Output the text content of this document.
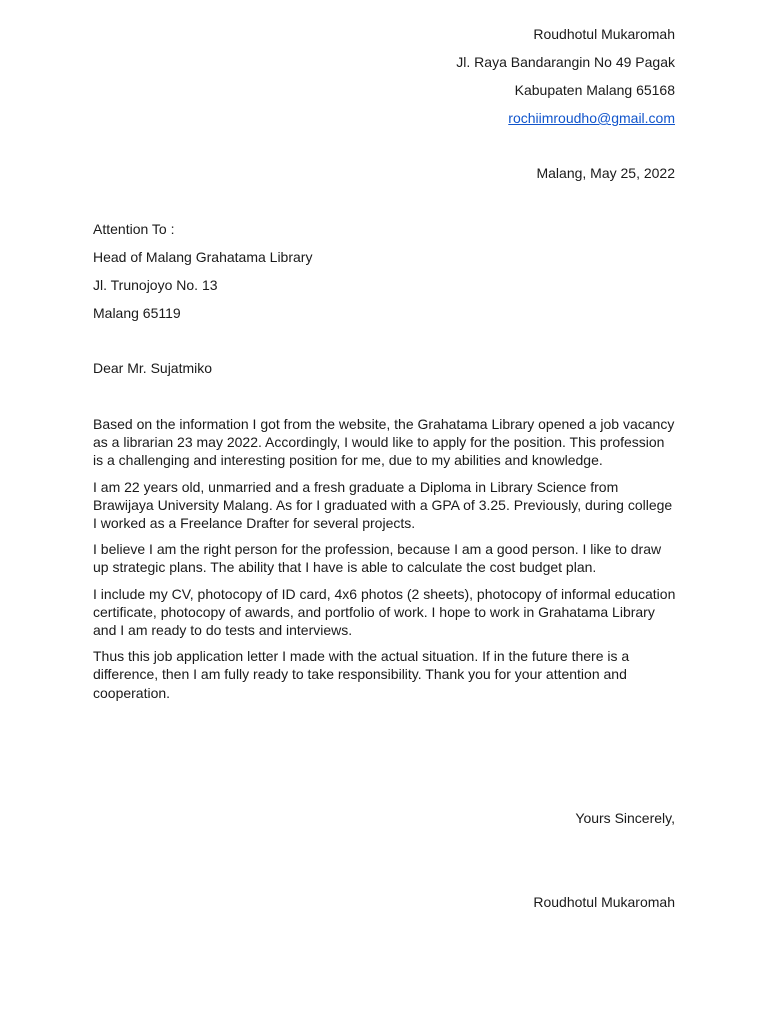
Roudhotul Mukaromah
Jl. Raya Bandarangin No 49 Pagak
Kabupaten Malang 65168
rochiimroudho@gmail.com
Malang, May 25, 2022
Attention To :
Head of Malang Grahatama Library
Jl. Trunojoyo No. 13
Malang 65119
Dear Mr. Sujatmiko

Based on the information I got from the website, the Grahatama Library opened a job vacancy as a librarian 23 may 2022. Accordingly, I would like to apply for the position. This profession is a challenging and interesting position for me, due to my abilities and knowledge.

I am 22 years old, unmarried and a fresh graduate a Diploma in Library Science from Brawijaya University Malang. As for I graduated with a GPA of 3.25. Previously, during college I worked as a Freelance Drafter for several projects.

I believe I am the right person for the profession, because I am a good person. I like to draw up strategic plans. The ability that I have is able to calculate the cost budget plan.

I include my CV, photocopy of ID card, 4x6 photos (2 sheets), photocopy of informal education certificate, photocopy of awards, and portfolio of work. I hope to work in Grahatama Library and I am ready to do tests and interviews.

Thus this job application letter I made with the actual situation. If in the future there is a difference, then I am fully ready to take responsibility. Thank you for your attention and cooperation.

Yours Sincerely,
Roudhotul Mukaromah
